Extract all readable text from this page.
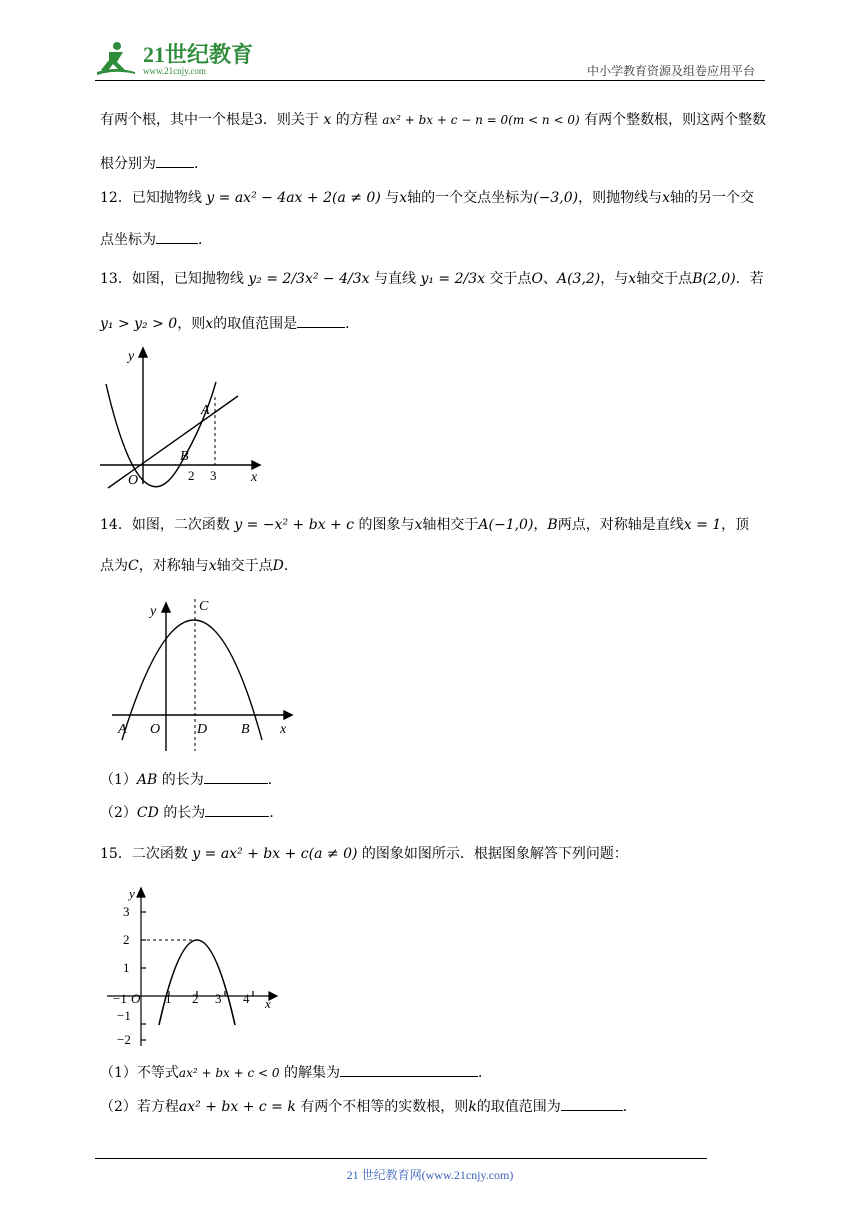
21世纪教育
www.21cnjy.com	中小学教育资源及组卷应用平台
有两个根，其中一个根是3．则关于 x 的方程 ax² + bx + c − n = 0(m < n < 0) 有两个整数根，则这两个整数
根分别为	．
12．已知抛物线 y = ax² − 4ax + 2(a ≠ 0) 与x轴的一个交点坐标为(−3,0)，则抛物线与x轴的另一个交
点坐标为	．
13．如图，已知抛物线 y₂ = 2/3x² − 4/3x 与直线 y₁ = 2/3x 交于点O、A(3,2)，与x轴交于点B(2,0)．若
y₁ > y₂ > 0，则x的取值范围是	．
y
x
O
A
B
2 3
14．如图，二次函数 y = −x² + bx + c 的图象与x轴相交于A(−1,0)，B两点，对称轴是直线x = 1，顶
点为C，对称轴与x轴交于点D．
y	C
A O	D B x
（1）AB 的长为	．
（2）CD 的长为	．
15．二次函数 y = ax² + bx + c(a ≠ 0) 的图象如图所示．根据图象解答下列问题：
y
x
3
2
1
−1
−2
−1 O 1 2 3 4
（1）不等式ax² + bx + c < 0 的解集为	．
（2）若方程ax² + bx + c = k 有两个不相等的实数根，则k的取值范围为	．
21 世纪教育网(www.21cnjy.com)
